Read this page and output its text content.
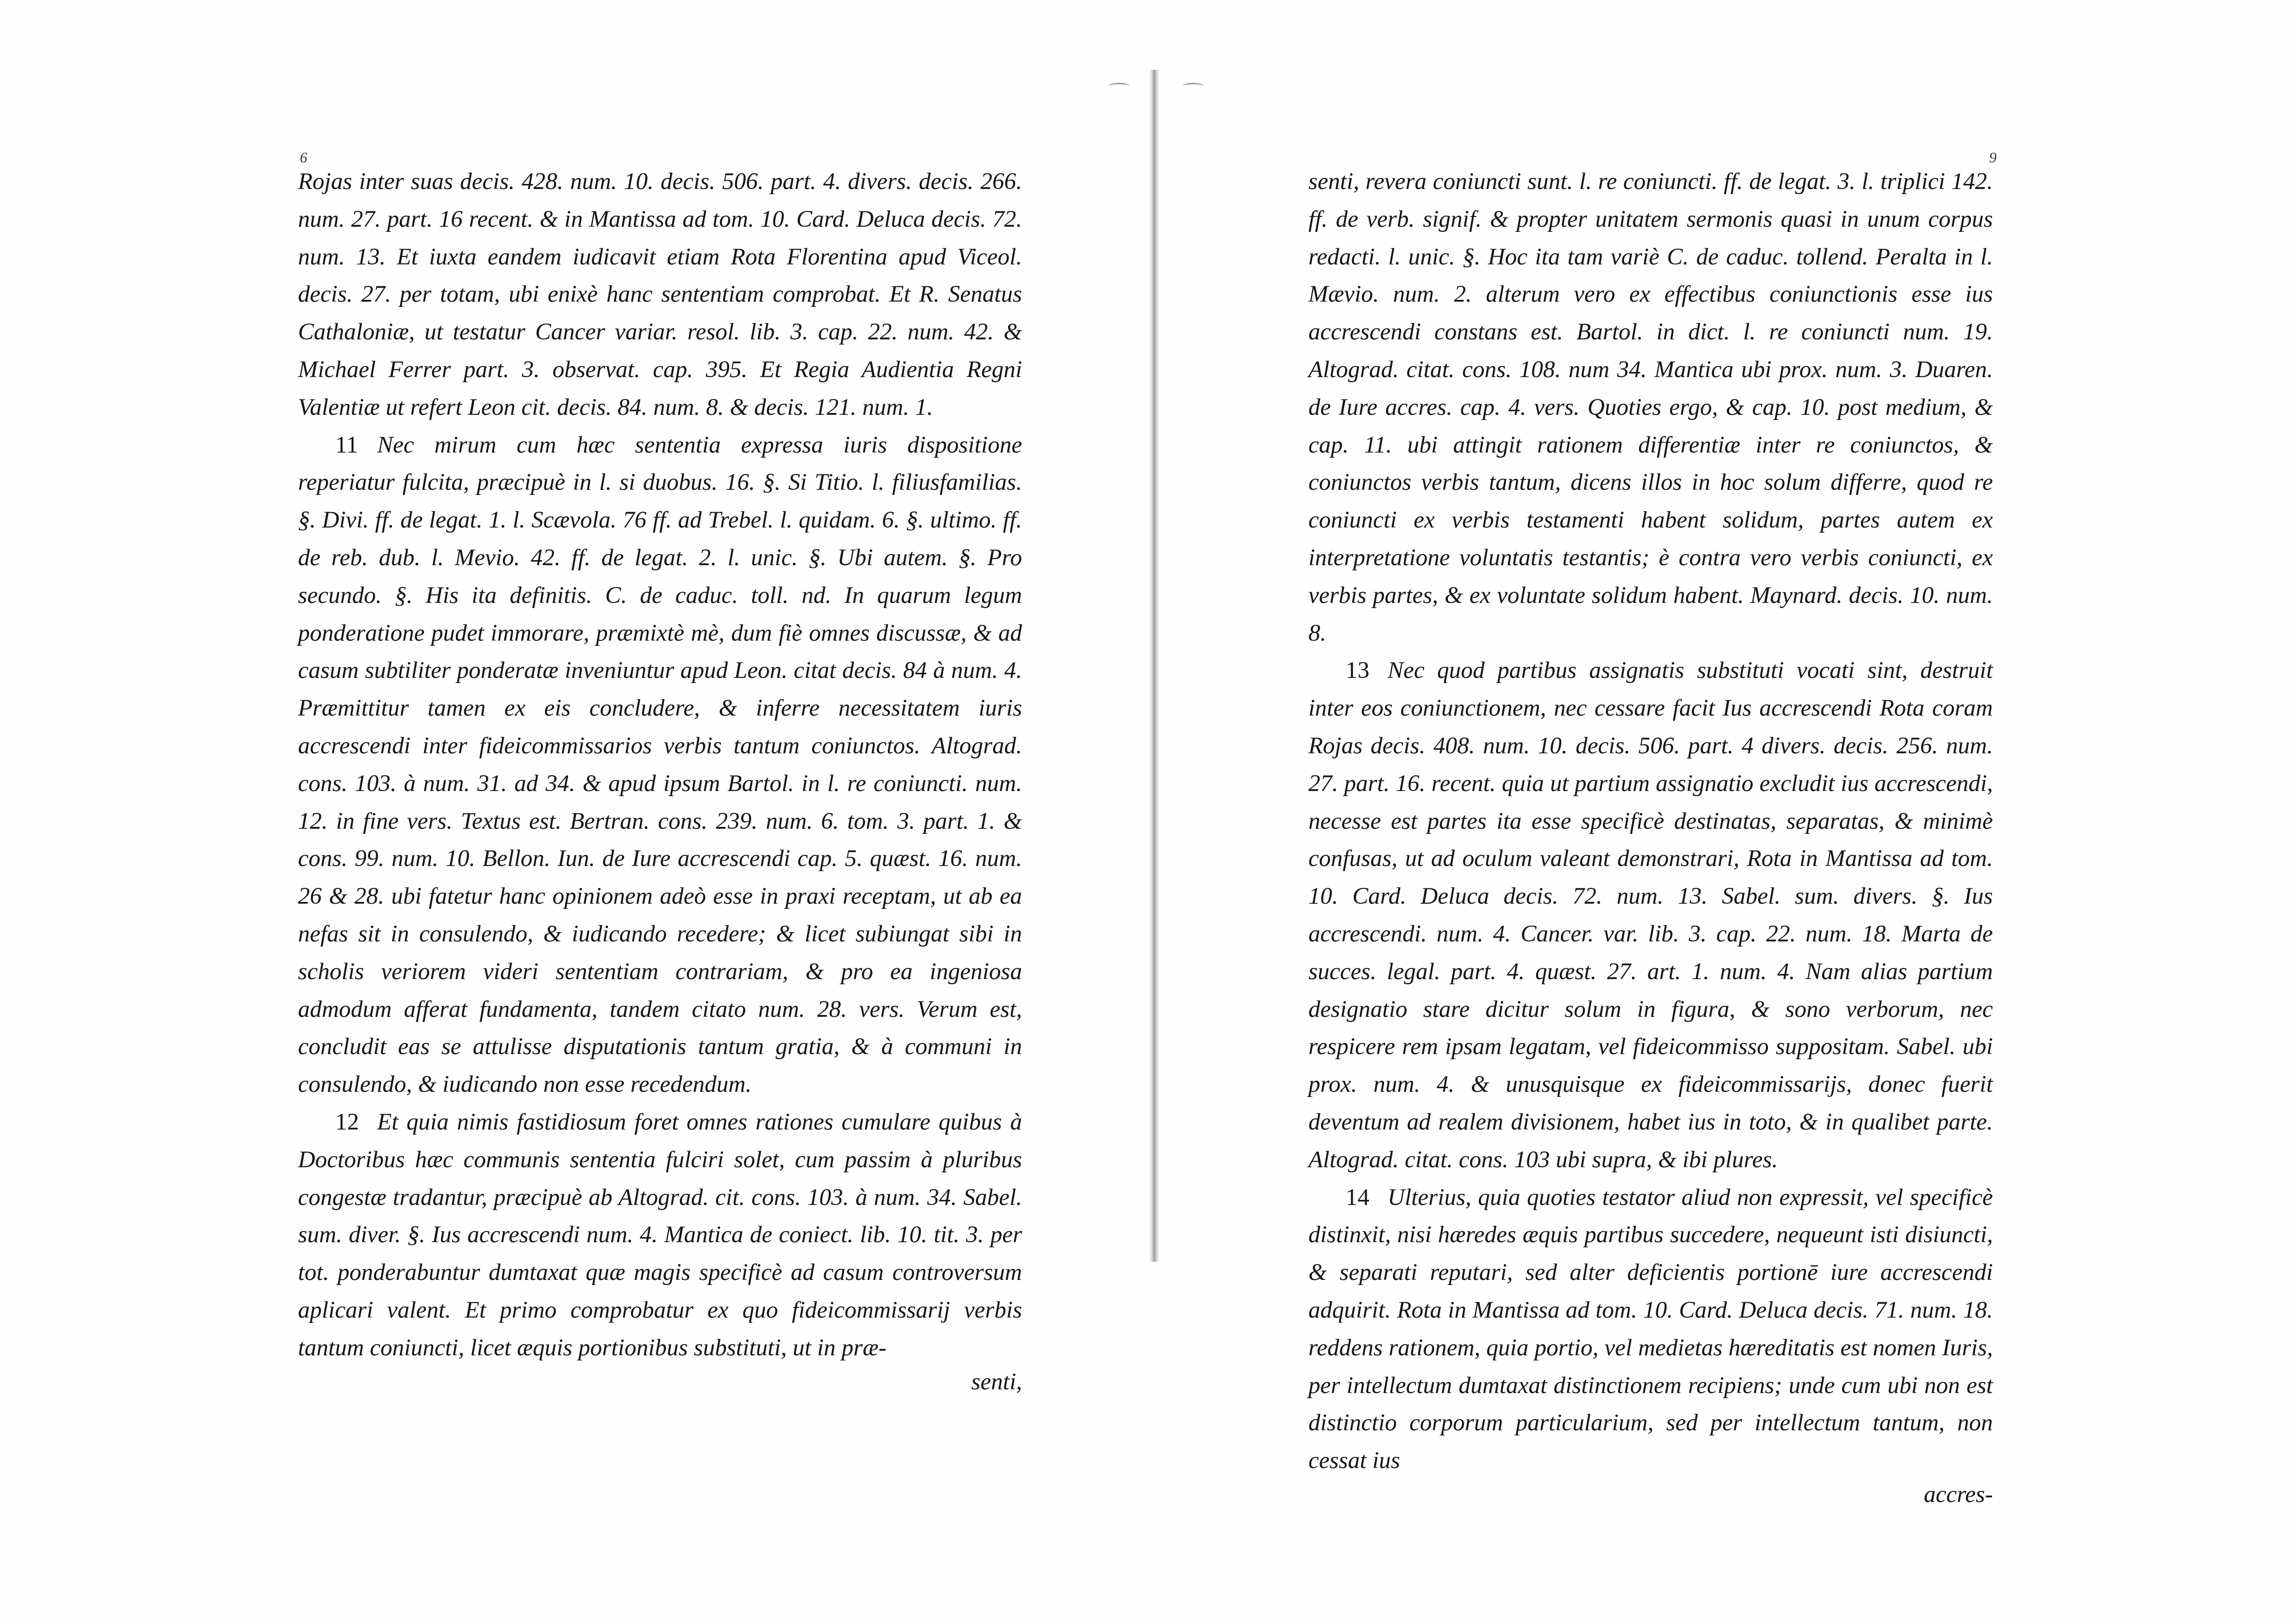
6

Rojas inter suas decis. 428. num. 10. decis. 506. part. 4. divers. decis. 266. num. 27. part. 16 recent. & in Mantissa ad tom. 10. Card. Deluca decis. 72. num. 13. Et iuxta eandem iudicavit etiam Rota Florentina apud Viceol. decis. 27. per totam, ubi enixè hanc sententiam comprobat. Et R. Senatus Cathaloniæ, ut testatur Cancer variar. resol. lib. 3. cap. 22. num. 42. & Michael Ferrer part. 3. observat. cap. 395. Et Regia Audientia Regni Valentiæ ut refert Leon cit. decis. 84. num. 8. & decis. 121. num. 1.

11 Nec mirum cum hæc sententia expressa iuris dispositione reperiatur fulcita, præcipuè in l. si duobus. 16. §. Si Titio. l. filiusfamilias. §. Divi. ff. de legat. 1. l. Scævola. 76 ff. ad Trebel. l. quidam. 6. §. ultimo. ff. de reb. dub. l. Mevio. 42. ff. de legat. 2. l. unic. §. Ubi autem. §. Pro secundo. §. His ita definitis. C. de caduc. toll. nd. In quarum legum ponderatione pudet immorare, præmixtè mè, dum fiè omnes discussæ, & ad casum subtiliter ponderatæ inveniuntur apud Leon. citat decis. 84 à num. 4. Præmittitur tamen ex eis concludere, & inferre necessitatem iuris accrescendi inter fideicommissarios verbis tantum coniunctos. Altograd. cons. 103. à num. 31. ad 34. & apud ipsum Bartol. in l. re coniuncti. num. 12. in fine vers. Textus est. Bertran. cons. 239. num. 6. tom. 3. part. 1. & cons. 99. num. 10. Bellon. Iun. de Iure accrescendi cap. 5. quæst. 16. num. 26 & 28. ubi fatetur hanc opinionem adeò esse in praxi receptam, ut ab ea nefas sit in consulendo, & iudicando recedere; & licet subiungat sibi in scholis veriorem videri sententiam contrariam, & pro ea ingeniosa admodum afferat fundamenta, tandem citato num. 28. vers. Verum est, concludit eas se attulisse disputationis tantum gratia, & à communi in consulendo, & iudicando non esse recedendum.

12 Et quia nimis fastidiosum foret omnes rationes cumulare quibus à Doctoribus hæc communis sententia fulciri solet, cum passim à pluribus congestæ tradantur, præcipuè ab Altograd. cit. cons. 103. à num. 34. Sabel. sum. diver. §. Ius accrescendi num. 4. Mantica de coniect. lib. 10. tit. 3. per tot. ponderabuntur dumtaxat quæ magis specificè ad casum controversum aplicari valent. Et primo comprobatur ex quo fideicommissarij verbis tantum coniuncti, licet æquis portionibus substituti, ut in præ-

senti,
9

senti, revera coniuncti sunt. l. re coniuncti. ff. de legat. 3. l. triplici 142. ff. de verb. signif. & propter unitatem sermonis quasi in unum corpus redacti. l. unic. §. Hoc ita tam variè C. de caduc. tollend. Peralta in l. Mævio. num. 2. alterum vero ex effectibus coniunctionis esse ius accrescendi constans est. Bartol. in dict. l. re coniuncti num. 19. Altograd. citat. cons. 108. num 34. Mantica ubi prox. num. 3. Duaren. de Iure accres. cap. 4. vers. Quoties ergo, & cap. 10. post medium, & cap. 11. ubi attingit rationem differentiæ inter re coniunctos, & coniunctos verbis tantum, dicens illos in hoc solum differre, quod re coniuncti ex verbis testamenti habent solidum, partes autem ex interpretatione voluntatis testantis; è contra vero verbis coniuncti, ex verbis partes, & ex voluntate solidum habent. Maynard. decis. 10. num. 8.

13 Nec quod partibus assignatis substituti vocati sint, destruit inter eos coniunctionem, nec cessare facit Ius accrescendi Rota coram Rojas decis. 408. num. 10. decis. 506. part. 4 divers. decis. 256. num. 27. part. 16. recent. quia ut partium assignatio excludit ius accrescendi, necesse est partes ita esse specificè destinatas, separatas, & minimè confusas, ut ad oculum valeant demonstrari, Rota in Mantissa ad tom. 10. Card. Deluca decis. 72. num. 13. Sabel. sum. divers. §. Ius accrescendi. num. 4. Cancer. var. lib. 3. cap. 22. num. 18. Marta de succes. legal. part. 4. quæst. 27. art. 1. num. 4. Nam alias partium designatio stare dicitur solum in figura, & sono verborum, nec respicere rem ipsam legatam, vel fideicommisso suppositam. Sabel. ubi prox. num. 4. & unusquisque ex fideicommissarijs, donec fuerit deventum ad realem divisionem, habet ius in toto, & in qualibet parte. Altograd. citat. cons. 103 ubi supra, & ibi plures.

14 Ulterius, quia quoties testator aliud non expressit, vel specificè distinxit, nisi hæredes æquis partibus succedere, nequeunt isti disiuncti, & separati reputari, sed alter deficientis portionē iure accrescendi adquirit. Rota in Mantissa ad tom. 10. Card. Deluca decis. 71. num. 18. reddens rationem, quia portio, vel medietas hæreditatis est nomen Iuris, per intellectum dumtaxat distinctionem recipiens; unde cum ubi non est distinctio corporum particularium, sed per intellectum tantum, non cessat ius

accres-
